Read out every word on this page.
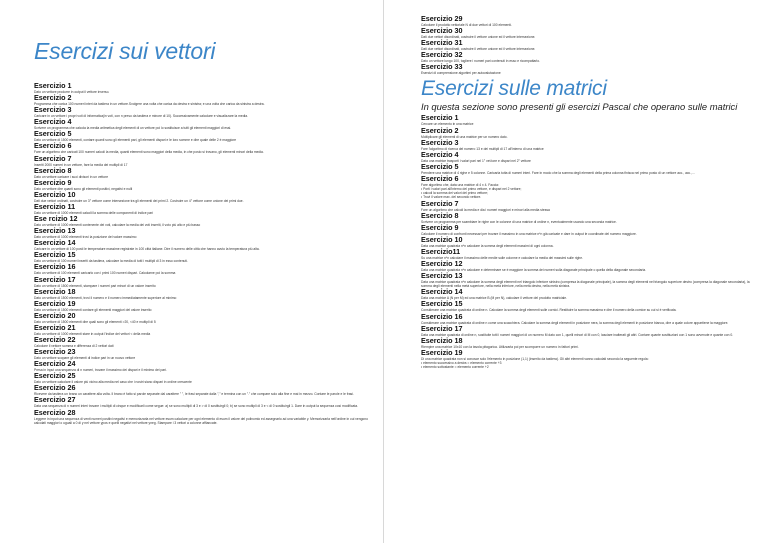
Esercizi sui vettori
Esercizio 1
Dato un vettore produrre in output il vettore inverso.
Esercizio 2
Programma che carica 100 numeri interi da tastiera in un vettore.Svolgere una volta che carica da destra e sinistra; e una volta che carica da sinistra a destra.
Esercizio 3
Caricare in un vettore i propri voti di informatica(in voti, con n preso da tastiera e minore di 10). Successivamente calcolare e visualizzare la media.
Esercizio 4
Scrivere un programma che calcola la media aritmetica degli elementi di un vettore poi lo sostituisce a tutti gli elementi maggiori di essi.
Esercizio 5
Dato un vettore di 1500 elementi, contare quanti sono gli elementi pari, gli elementi dispari e le loro somme e dire quale delle 2 è maggiore
Esercizio 6
Fare un algoritmo che caricati 100 numeri calcoli la media, quanti elementi sono maggiori della media, in che posto si trovano, gli elementi minori della media.
Esercizio 7
Inseriti 2000 numeri in un vettore, fare la media dei multipli di 17
Esercizio 8
Dato un vettore caricare i suoi divisori in un vettore
Esercizio 9
Dato un vettore dire quanti sono gli elementi positivi, negativi e nulli
Esercizio 10
Dati due vettori ordinati, costruire un 3° vettore come intersezione tra gli elementi dei primi 2. Costruire un 4° vettore come unione dei primi due.
Esercizio 11
Dato un vettore di 1000 elementi calcolil la somma delle componenti di indice pari
Ese rcizio 12
Dato un vettore di 1000 elementi contenente dei voti, calcolare la media dei voti inseriti, il voto più alto e più basso
Esercizio 13
Dato un vettore di 1000 elementi trovi la posizione del valore massimo
Esercizio 14
Caricare in un vettore di 100 posti le temperature massime registrate in 100 città italiane. Dire il numero delle città che hanno avuto la temperatura più alta.
Esercizio 15
Dato un vettore di 100 numeri inseriti da tastiera, calcolare la media di tutti i multipli di 3 in esso contenuti.
Esercizio 16
Dato un vettore di 100 elementi caricarlo con i primi 100 numeri dispari. Calcolarne poi la somma
Esercizio 17
Dato un vettore di 1500 elementi, stampare i numeri pari minori di un valore inserito
Esercizio 18
Dato un vettore di 1500 elementi, trovi il numero e il numero immediatamente superiore al minimo
Esercizio 19
Dato un vettore di 1500 elementi contare gli elementi maggiori del valore inserito
Esercizio 20
Dato un vettore di 1500 elementi dire quali sono gli elementi >20, <40 e multipli di 5
Esercizio 21
Dato un vettore di 1000 elementi stare in output l'indice del vettori < della media
Esercizio 22
Calcolare il vettore somma e differenza di 2 vettori dati
Esercizio 23
Dato un vettore scopare gli elementi di indice pari in un nuovo vettore
Esercizio 24
Presa in input una sequenza di n numeri, trovare il massimo dei dispari e il minimo dei pari.
Esercizio 25
Dato un vettore calcolare il valore più vicino alla media nel caso che i nostri siano dispari in ordine crescente
Esercizio 26
Ricevere da tastiera un brano un carattere alla volta. Il brano è fatto si parole separate dal carattere " ", le frasi separate dalla "," e termina con un "." che compare solo alla fine e mai in mezzo. Contare le parole e le frasi.
Esercizio 27
Data una sequenza di n numeri interi trovare i multipli di cinque e modificarli come segue: a) se sono multipli di 3 e > di 0 sostituirgli 0; b) se sono multipli di 3 e < di 0 sostituirgli 1. Dare in output la sequenza così modificata.
Esercizio 28
Leggere in input una sequenza di venti numeri positivi negativi e memorizzarla nel vettore esum calcolare per ogni elemento di esum il valore del polinomio ed assegnarlo ad una variabile y. Memorizzarla nell'ordine in cui vengono calcolati maggiori o uguali a 0 di y nel vettore ypos e quelli negativi nel vettore yneg. Stampare i 3 vettori a colonne affiancate.
Esercizio 29
Calcolare il prodotto vettoriale N di due vettori di 100 elementi.
Esercizio 30
Dati due vettori disordinati, costruire il vettore unione ed il vettore intersezione.
Esercizio 31
Dati due vettori disordinati, costruire il vettore unione ed il vettore intersezione.
Esercizio 32
Dato un vettore lungo 100, togliere i numeri pari contenuti in esso e ricompattarlo.
Esercizio 33
Esercizi di comprensione algoritmi per autovalutazione
Esercizi sulle matrici

In questa sezione sono presenti gli esercizi Pascal che operano sulle matrici

Esercizio 1
Cercare un elemento in una matrice
Esercizio 2
Moltiplicare gli elementi di una matrice per un numero dato.
Esercizio 3
Fare l'algoritmo di ricerca del numero 13 e dei multipli di 17 all'interno di una matrice
Esercizio 4
Data una matrice trasporti i valori pari nel 1° vet.tore e dispari nel 2° vettore
Esercizio 5
Prendere una matrice di 4 righe e 5 colonne. Caricarla tutta di numeri interi. Fare in modo che la somma degli elementi della prima colonna finisca nel primo posto di un vettore acc., acc.,...
Esercizio 6
Fare algoritmo che, data una matrice di 4 x 4. Faccia:
• Porti i valori pari all'interno del primo vettore, e dispari nel 2 vettore;
• calcoli la somma dei valori del primo vettore;
• Trovi il valore max. del secondo vettore.
Esercizio 7
Fare un algoritmo che calcoli la media e dia i numeri maggiori e minori alla media stessa
Esercizio 8
Scrivere un programma per scambiare le righe con le colonne di una matrice di ordine n, eventualmente usando una seconda matrice.
Esercizio 9
Calcolare il numero di confronti necessari per trovare il massimo in una matrice n*n già caricate e dare in output le coordinate del numero maggiore.
Esercizio 10
Data una matrice quadrata n*n calcolare la somma degli elementi massimi di ogni colonna.
Esercizio11
Su una matrice n*n calcolare il massimo delle medie sulle colonne e calcolare la media dei massimi sulle righe.
Esercizio 12
Data una matrice quadrata n*n calcolare e determinare se è maggiore la somma dei numeri sulla diagonale principale o quella della diagonale secondaria.
Esercizio 13
Data una matrice quadrata n*n calcolare la somma degli elementi nel triangolo inferiore sinistro (compresa la diagonale principale), la somma degli elementi nel triangolo superiore destro (compresa la diagonale secondaria), la somma degli elementi nella metà superiore, nella metà inferiore, nella metà destra, nella metà sinistra.
Esercizio 14
Data una matrice A (N per M) ed una matrice B (M per N), calcolare il vettore del prodotto matriciale.
Esercizio 15
Considerare una matrice quadrata di ordine n. Calcolare la somma degli elementi sulle cornici. Restituire la somma massima e dire il numero della cornice su cui si è verificata.
Esercizio 16
Considerare una matrice quadrata di ordine n come una scacchiera. Calcolare la somma degli elementi in posizione nera, la somma degli elementi in posizione bianca, dire a quale colore appartiene la maggiore.
Esercizio 17
Data una matrice quadrata di ordine n, sostituite tutti i numeri maggiori di un numero M dato con 1, quelli minori di M con 0, lasciare inalterati gli altri. Contare quante sostituzioni con 1 sono avvenute e quante con 0.
Esercizio 18
Riempire una matrice 10x10 con la tavola pitagorica. Utilizzarla poi per scomporre un numero in fattori primi.
Esercizio 19
Di una matrice quadrata non si conosce solo l'elemento in posizione (1,1) (inserito da tastiera). Gli altri elementi vanno calcolati secondo la seguente regola:
• elemento successivo a destra = elemento corrente +3
• elemento sottostante = elemento corrente +2
